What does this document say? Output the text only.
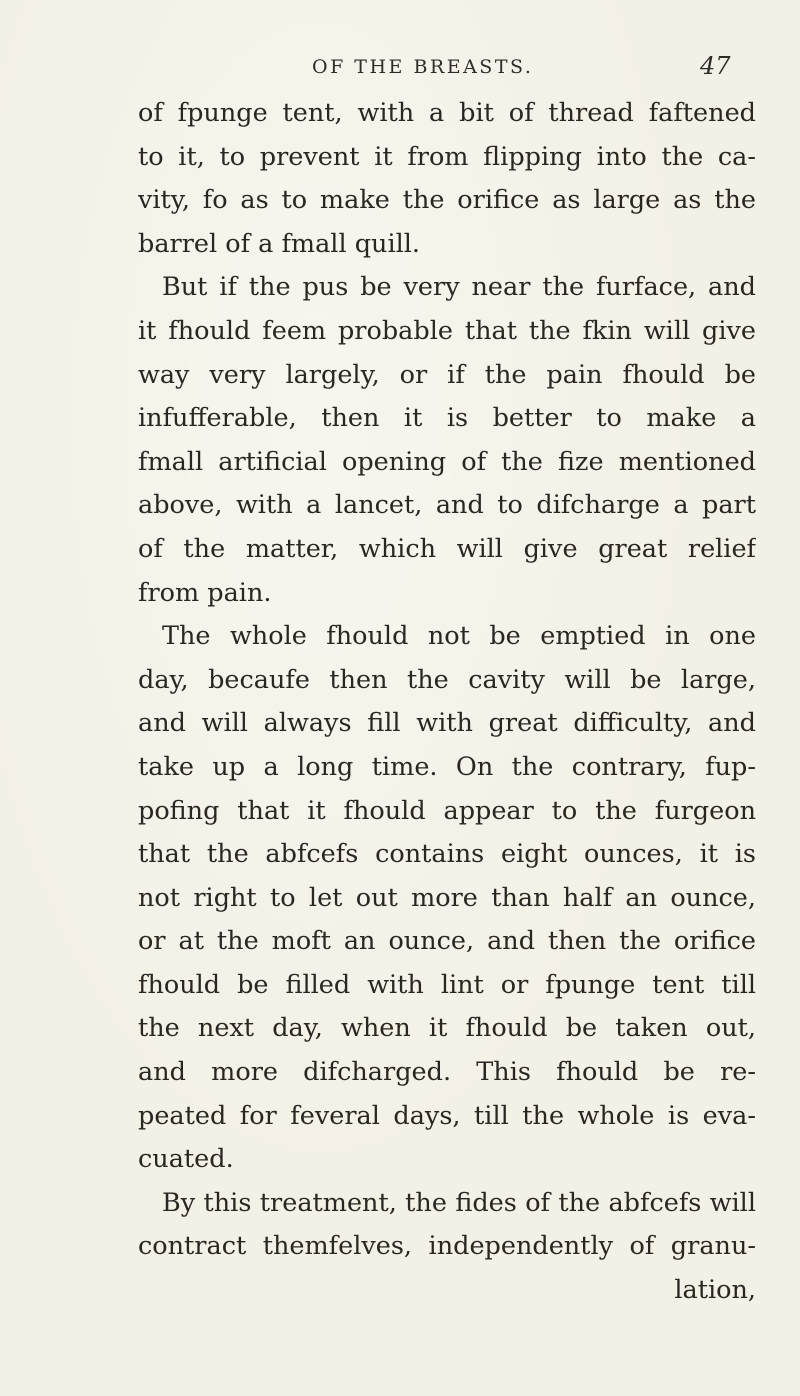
OF THE BREASTS.	47
of fpunge tent, with a bit of thread faftened
to it, to prevent it from flipping into the ca-
vity, fo as to make the orifice as large as the
barrel of a fmall quill.
But if the pus be very near the furface, and
it fhould feem probable that the fkin will give
way very largely, or if the pain fhould be
infufferable, then it is better to make a
fmall artificial opening of the fize mentioned
above, with a lancet, and to difcharge a part
of the matter, which will give great relief
from pain.
The whole fhould not be emptied in one
day, becaufe then the cavity will be large,
and will always fill with great difficulty, and
take up a long time. On the contrary, fup-
pofing that it fhould appear to the furgeon
that the abfcefs contains eight ounces, it is
not right to let out more than half an ounce,
or at the moft an ounce, and then the orifice
fhould be filled with lint or fpunge tent till
the next day, when it fhould be taken out,
and more difcharged. This fhould be re-
peated for feveral days, till the whole is eva-
cuated.
By this treatment, the fides of the abfcefs will
contract themfelves, independently of granu-
lation,
